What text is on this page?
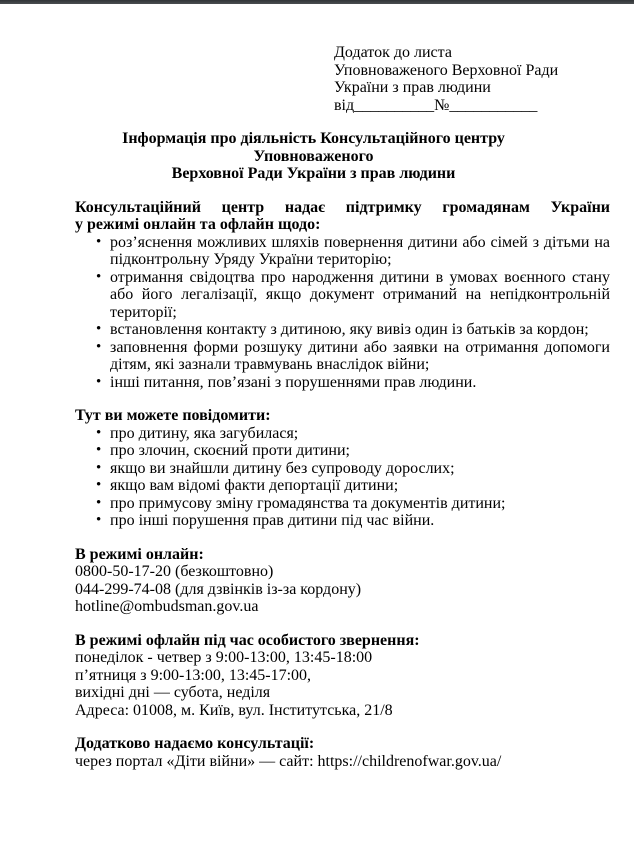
Додаток до листа
Уповноваженого Верховної Ради
України з прав людини
від__________№___________
Інформація про діяльність Консультаційного центру Уповноваженого
Верховної Ради України з прав людини
Консультаційний центр надає підтримку громадянам України
у режимі онлайн та офлайн щодо:
• роз’яснення можливих шляхів повернення дитини або сімей з дітьми на підконтрольну Уряду України територію;
• отримання свідоцтва про народження дитини в умовах воєнного стану або його легалізації, якщо документ отриманий на непідконтрольній території;
• встановлення контакту з дитиною, яку вивіз один із батьків за кордон;
• заповнення форми розшуку дитини або заявки на отримання допомоги дітям, які зазнали травмувань внаслідок війни;
• інші питання, пов’язані з порушеннями прав людини.
Тут ви можете повідомити:
• про дитину, яка загубилася;
• про злочин, скоєний проти дитини;
• якщо ви знайшли дитину без супроводу дорослих;
• якщо вам відомі факти депортації дитини;
• про примусову зміну громадянства та документів дитини;
• про інші порушення прав дитини під час війни.
В режимі онлайн:
0800-50-17-20 (безкоштовно)
044-299-74-08 (для дзвінків із-за кордону)
hotline@ombudsman.gov.ua
В режимі офлайн під час особистого звернення:
понеділок - четвер з 9:00-13:00, 13:45-18:00
п’ятниця з 9:00-13:00, 13:45-17:00,
вихідні дні — субота, неділя
Адреса: 01008, м. Київ, вул. Інститутська, 21/8
Додатково надаємо консультації:
через портал «Діти війни» — сайт: https://childrenofwar.gov.ua/
